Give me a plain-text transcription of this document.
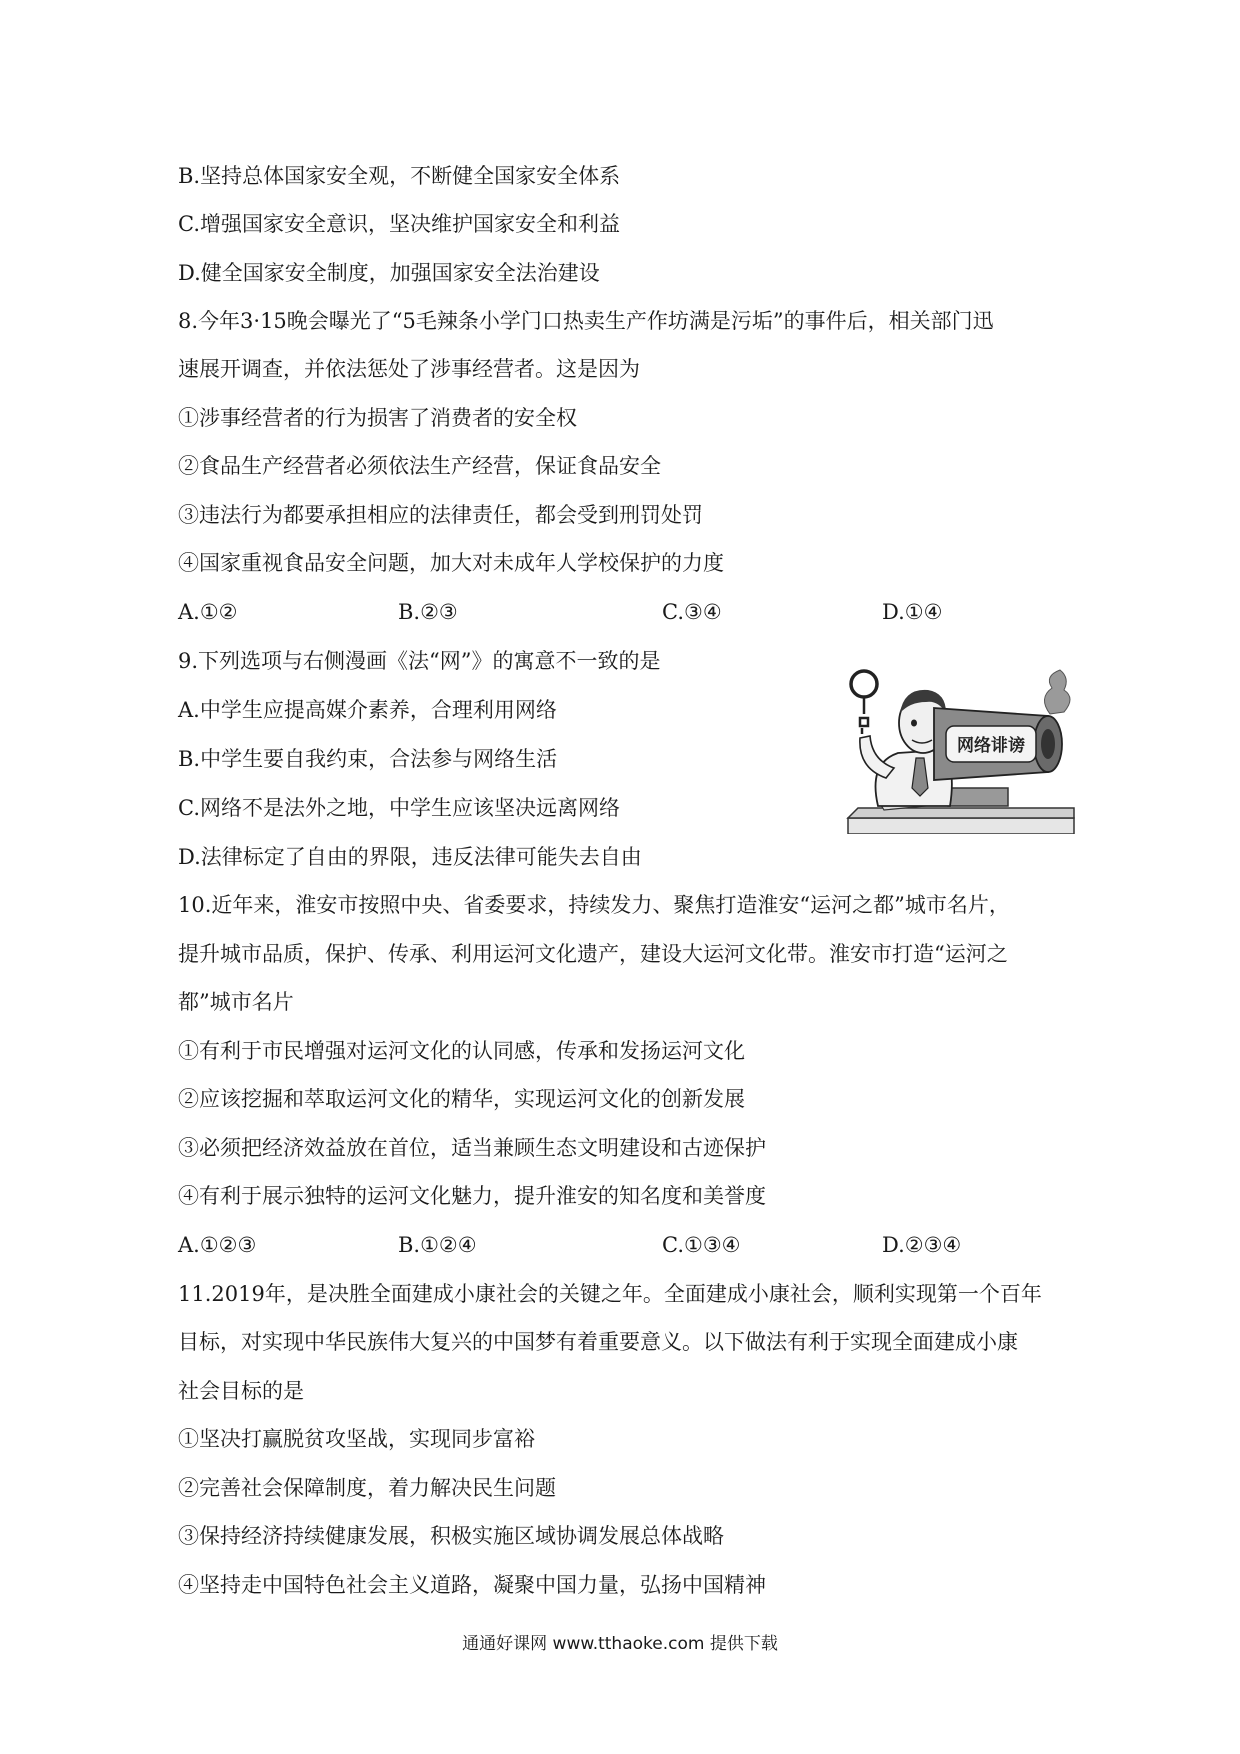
B.坚持总体国家安全观，不断健全国家安全体系
C.增强国家安全意识，坚决维护国家安全和利益
D.健全国家安全制度，加强国家安全法治建设
8.今年3·15晚会曝光了“5毛辣条小学门口热卖生产作坊满是污垢”的事件后，相关部门迅
速展开调查，并依法惩处了涉事经营者。这是因为
①涉事经营者的行为损害了消费者的安全权
②食品生产经营者必须依法生产经营，保证食品安全
③违法行为都要承担相应的法律责任，都会受到刑罚处罚
④国家重视食品安全问题，加大对未成年人学校保护的力度
A.①②	B.②③	C.③④	D.①④
9.下列选项与右侧漫画《法“网”》的寓意不一致的是
A.中学生应提高媒介素养，合理利用网络
B.中学生要自我约束，合法参与网络生活
C.网络不是法外之地，中学生应该坚决远离网络
D.法律标定了自由的界限，违反法律可能失去自由
网络诽谤
10.近年来，淮安市按照中央、省委要求，持续发力、聚焦打造淮安“运河之都”城市名片，
提升城市品质，保护、传承、利用运河文化遗产，建设大运河文化带。淮安市打造“运河之
都”城市名片
①有利于市民增强对运河文化的认同感，传承和发扬运河文化
②应该挖掘和萃取运河文化的精华，实现运河文化的创新发展
③必须把经济效益放在首位，适当兼顾生态文明建设和古迹保护
④有利于展示独特的运河文化魅力，提升淮安的知名度和美誉度
A.①②③	B.①②④	C.①③④	D.②③④
11.2019年，是决胜全面建成小康社会的关键之年。全面建成小康社会，顺利实现第一个百年
目标，对实现中华民族伟大复兴的中国梦有着重要意义。以下做法有利于实现全面建成小康
社会目标的是
①坚决打赢脱贫攻坚战，实现同步富裕
②完善社会保障制度，着力解决民生问题
③保持经济持续健康发展，积极实施区域协调发展总体战略
④坚持走中国特色社会主义道路，凝聚中国力量，弘扬中国精神
通通好课网 www.tthaoke.com 提供下载
